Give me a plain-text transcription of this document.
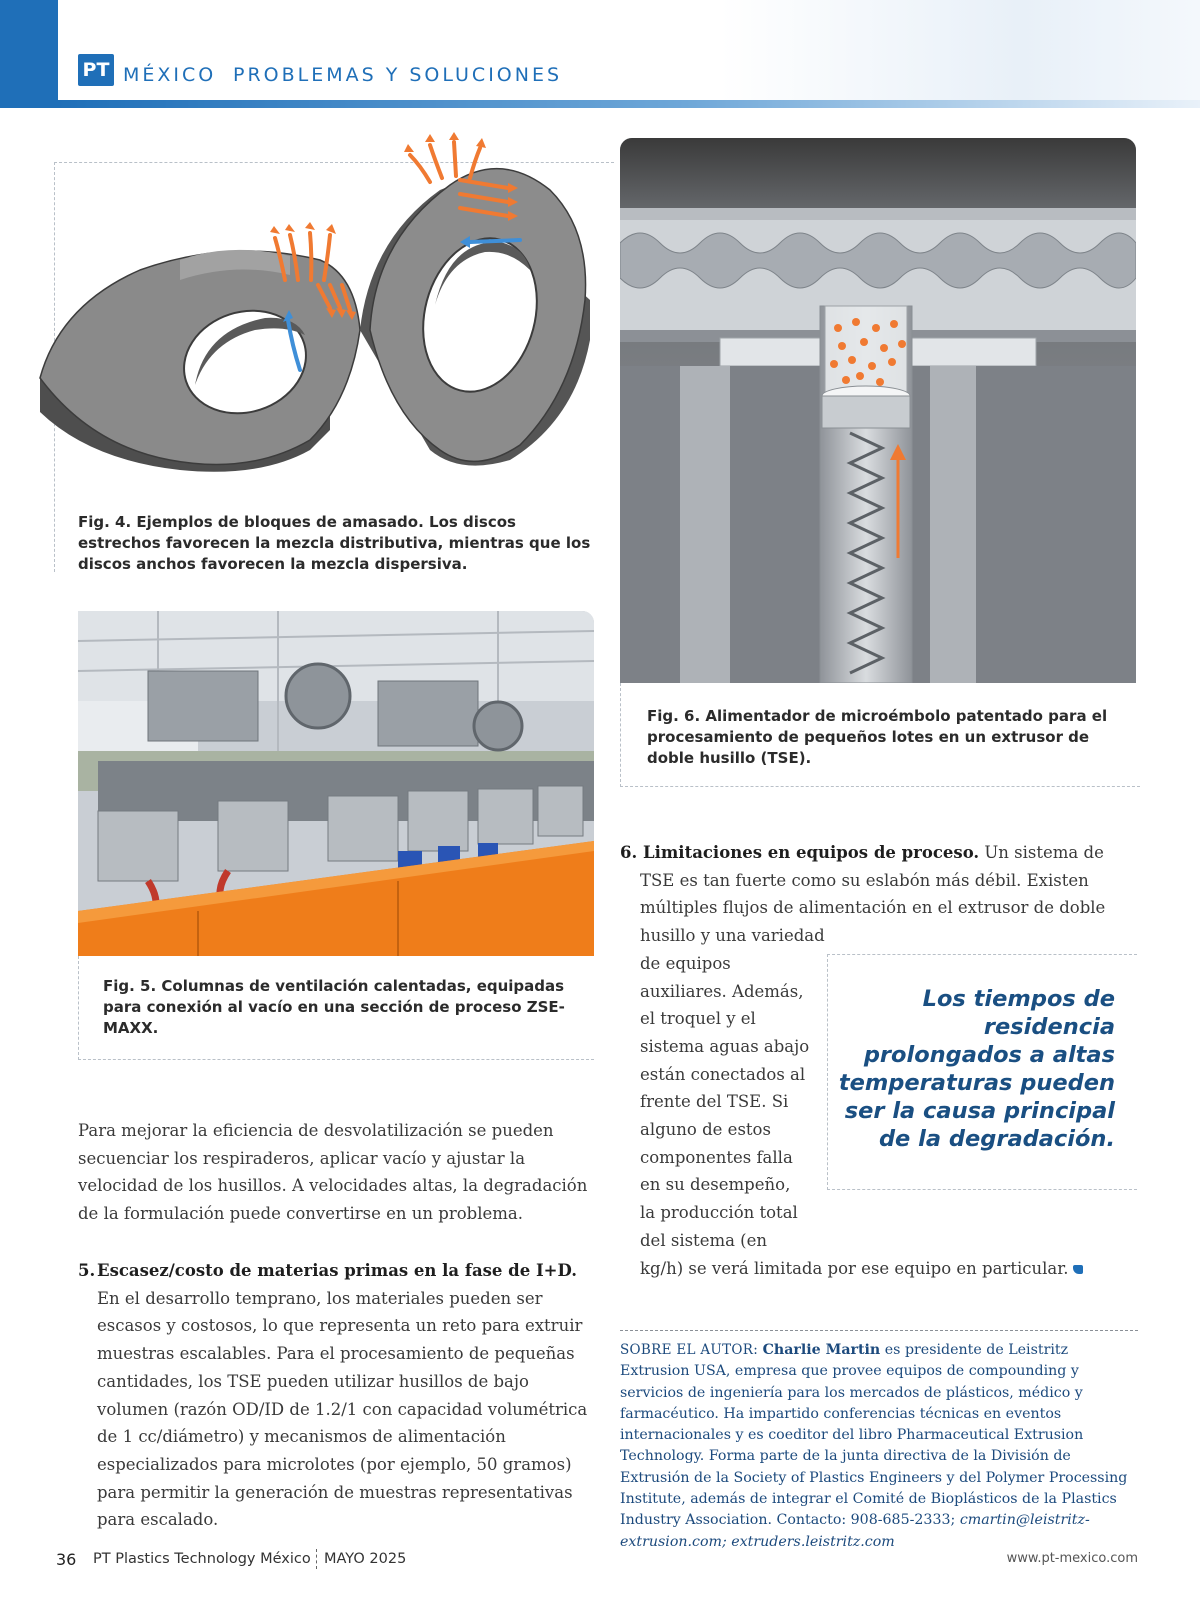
PT MÉXICO PROBLEMAS Y SOLUCIONES
Fig. 4. Ejemplos de bloques de amasado. Los discos estrechos favorecen la mezcla distributiva, mientras que los discos anchos favorecen la mezcla dispersiva.
Fig. 5. Columnas de ventilación calentadas, equipadas para conexión al vacío en una sección de proceso ZSE-MAXX.
Fig. 6. Alimentador de microémbolo patentado para el procesamiento de pequeños lotes en un extrusor de doble husillo (TSE).
Para mejorar la eficiencia de desvolatilización se pueden secuenciar los respiraderos, aplicar vacío y ajustar la velocidad de los husillos. A velocidades altas, la degradación de la formulación puede convertirse en un problema.
5. Escasez/costo de materias primas en la fase de I+D. En el desarrollo temprano, los materiales pueden ser escasos y costosos, lo que representa un reto para extruir muestras escalables. Para el procesamiento de pequeñas cantidades, los TSE pueden utilizar husillos de bajo volumen (razón OD/ID de 1.2/1 con capacidad volumétrica de 1 cc/diámetro) y mecanismos de alimentación especializados para microlotes (por ejemplo, 50 gramos) para permitir la generación de muestras representativas para escalado.
6. Limitaciones en equipos de proceso. Un sistema de TSE es tan fuerte como su eslabón más débil. Existen múltiples flujos de alimentación en el extrusor de doble husillo y una variedad
de equipos auxiliares. Además, el troquel y el sistema aguas abajo están conectados al frente del TSE. Si alguno de estos componentes falla en su desempeño, la producción total del sistema (en
kg/h) se verá limitada por ese equipo en particular.
Los tiempos de residencia prolongados a altas temperaturas pueden ser la causa principal de la degradación.
SOBRE EL AUTOR: Charlie Martin es presidente de Leistritz Extrusion USA, empresa que provee equipos de compounding y servicios de ingeniería para los mercados de plásticos, médico y farmacéutico. Ha impartido conferencias técnicas en eventos internacionales y es coeditor del libro Pharmaceutical Extrusion Technology. Forma parte de la junta directiva de la División de Extrusión de la Society of Plastics Engineers y del Polymer Processing Institute, además de integrar el Comité de Bioplásticos de la Plastics Industry Association. Contacto: 908-685-2333; cmartin@leistritz-extrusion.com; extruders.leistritz.com
36 PT Plastics Technology México MAYO 2025	www.pt-mexico.com
